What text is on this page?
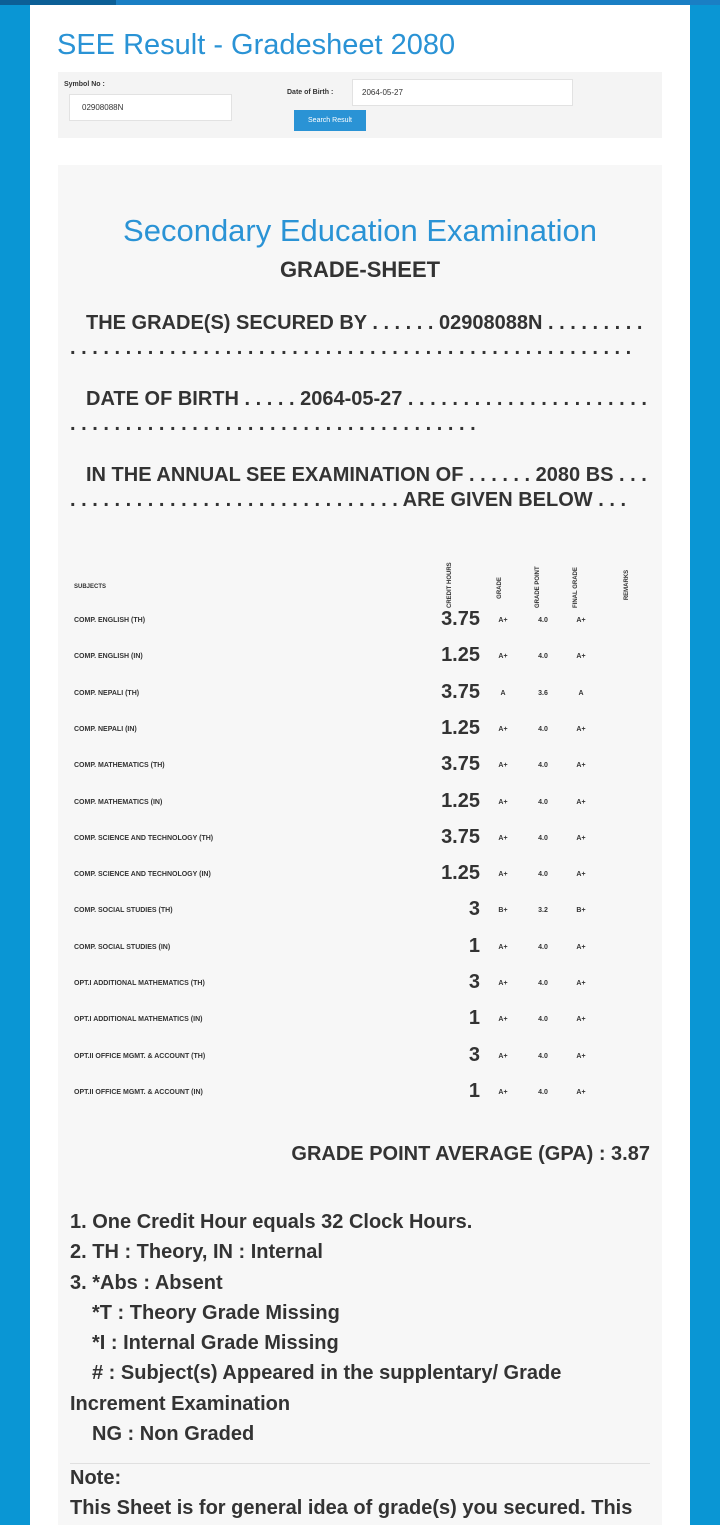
SEE Result - Gradesheet 2080
Symbol No :
02908088N
Date of Birth :	2064-05-27
Search Result
Secondary Education Examination
GRADE-SHEET
THE GRADE(S) SECURED BY . . . . . . 02908088N . . . . . . . . . . . . . . . . . . . . . . . . . . . . . . . . . . . . . . . . . . . . . . . . . . . . . . . . . . . .
DATE OF BIRTH . . . . . 2064-05-27 . . . . . . . . . . . . . . . . . . . . . . . . . . . . . . . . . . . . . . . . . . . . . . . . . . . . . . . . . . .
IN THE ANNUAL SEE EXAMINATION OF . . . . . . 2080 BS . . . . . . . . . . . . . . . . . . . . . . . . . . . . . . . . . ARE GIVEN BELOW . . .
SUBJECTS	CREDIT HOURS	GRADE	GRADE POINT	FINAL GRADE	REMARKS
COMP. ENGLISH (TH)	3.75	A+	4.0	A+
COMP. ENGLISH (IN)	1.25	A+	4.0	A+
COMP. NEPALI (TH)	3.75	A	3.6	A
COMP. NEPALI (IN)	1.25	A+	4.0	A+
COMP. MATHEMATICS (TH)	3.75	A+	4.0	A+
COMP. MATHEMATICS (IN)	1.25	A+	4.0	A+
COMP. SCIENCE AND TECHNOLOGY (TH)	3.75	A+	4.0	A+
COMP. SCIENCE AND TECHNOLOGY (IN)	1.25	A+	4.0	A+
COMP. SOCIAL STUDIES (TH)	3	B+	3.2	B+
COMP. SOCIAL STUDIES (IN)	1	A+	4.0	A+
OPT.I ADDITIONAL MATHEMATICS (TH)	3	A+	4.0	A+
OPT.I ADDITIONAL MATHEMATICS (IN)	1	A+	4.0	A+
OPT.II OFFICE MGMT. & ACCOUNT (TH)	3	A+	4.0	A+
OPT.II OFFICE MGMT. & ACCOUNT (IN)	1	A+	4.0	A+
GRADE POINT AVERAGE (GPA) : 3.87
1. One Credit Hour equals 32 Clock Hours.
2. TH : Theory, IN : Internal
3. *Abs : Absent
*T : Theory Grade Missing
*I : Internal Grade Missing
# : Subject(s) Appeared in the supplentary/ Grade
Increment Examination
NG : Non Graded
Note:
This Sheet is for general idea of grade(s) you secured. This
